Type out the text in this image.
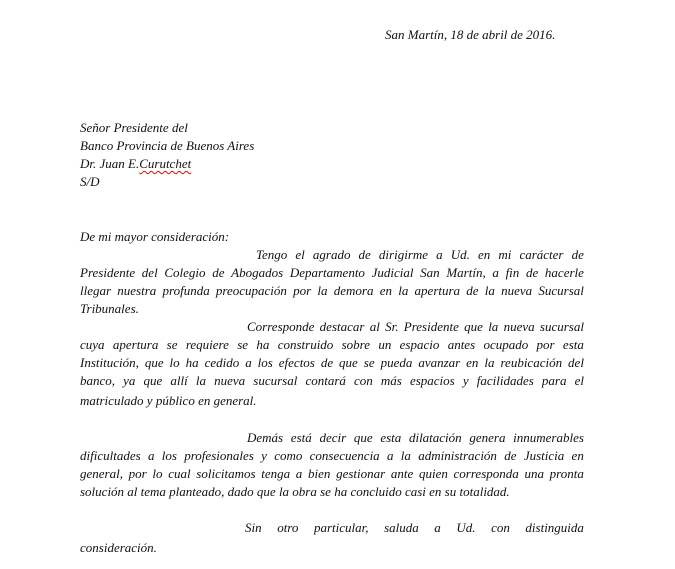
San Martín, 18 de abril de 2016.
Señor Presidente del
Banco Provincia de Buenos Aires
Dr. Juan E.Curutchet
S/D
De mi mayor consideración:
Tengo el agrado de dirigirme a Ud. en mi carácter de
Presidente del Colegio de Abogados Departamento Judicial San Martín, a fin de hacerle
llegar nuestra profunda preocupación por la demora en la apertura de la nueva Sucursal
Tribunales.
Corresponde destacar al Sr. Presidente que la nueva sucursal
cuya apertura se requiere se ha construido sobre un espacio antes ocupado por esta
Institución, que lo ha cedido a los efectos de que se pueda avanzar en la reubicación del
banco, ya que allí la nueva sucursal contará con más espacios y facilidades para el
matriculado y público en general.
Demás está decir que esta dilatación genera innumerables
dificultades a los profesionales y como consecuencia a la administración de Justicia en
general, por lo cual solicitamos tenga a bien gestionar ante quien corresponda una pronta
solución al tema planteado, dado que la obra se ha concluido casi en su totalidad.
Sin otro particular, saluda a Ud. con distinguida
consideración.
